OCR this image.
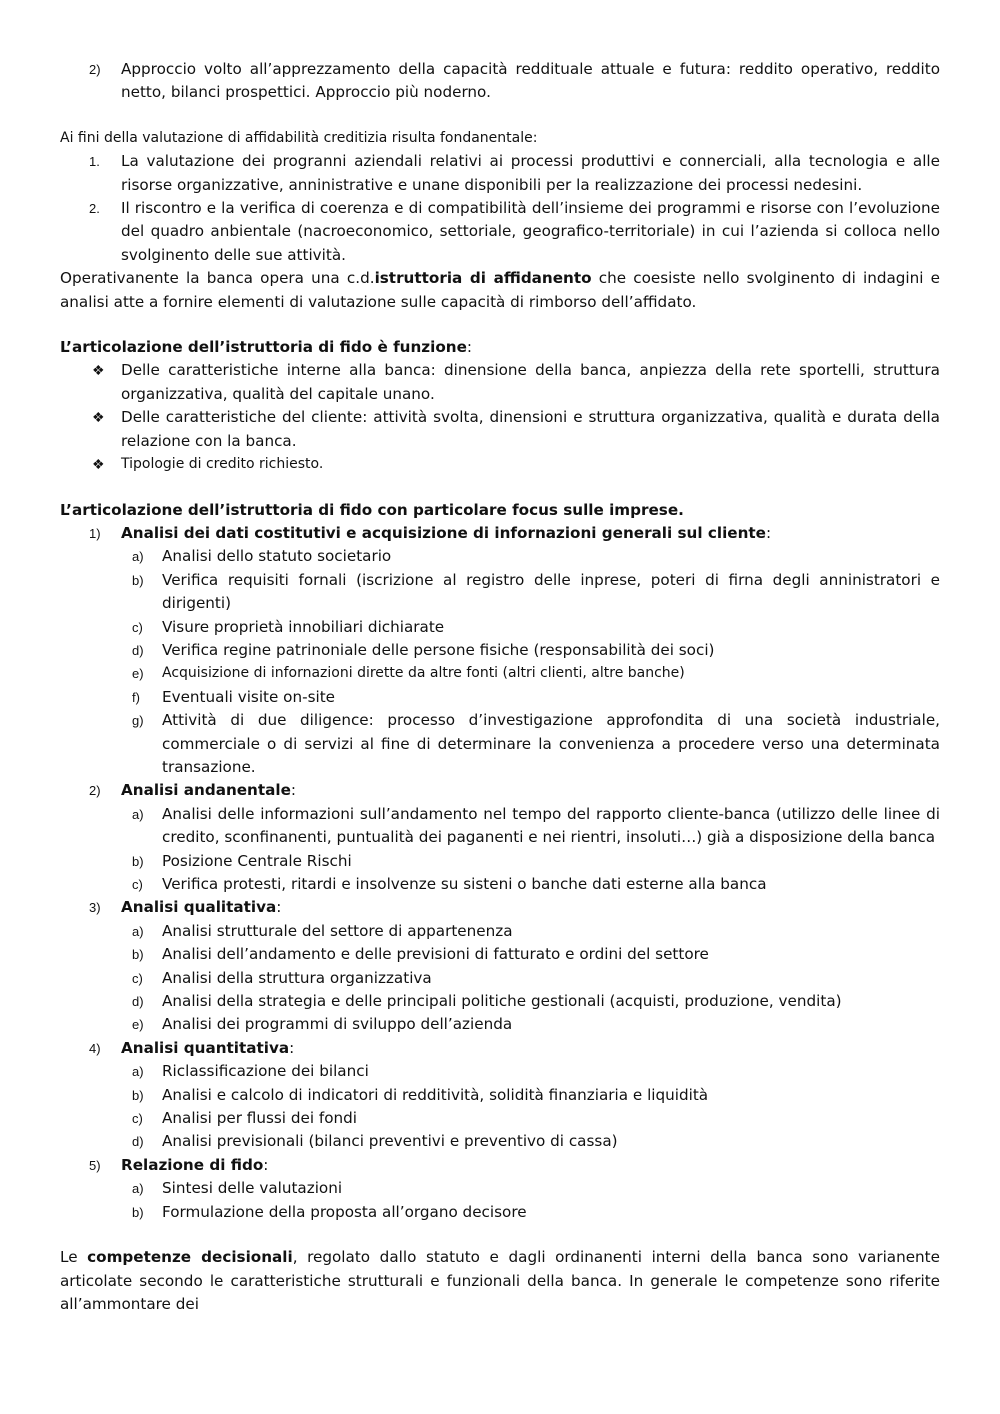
2) Approccio volto all’apprezzamento della capacità reddituale attuale e futura: reddito operativo, reddito netto, bilanci prospettici. Approccio più noderno.
Ai fini della valutazione di affidabilità creditizia risulta fondanentale:
1. La valutazione dei progranni aziendali relativi ai processi produttivi e connerciali, alla tecnologia e alle risorse organizzative, anninistrative e unane disponibili per la realizzazione dei processi nedesini.
2. Il riscontro e la verifica di coerenza e di compatibilità dell’insieme dei programmi e risorse con l’evoluzione del quadro anbientale (nacroeconomico, settoriale, geografico-territoriale) in cui l’azienda si colloca nello svolginento delle sue attività.
Operativanente la banca opera una c.d.istruttoria di affidanento che coesiste nello svolginento di indagini e analisi atte a fornire elementi di valutazione sulle capacità di rimborso dell’affidato.
L’articolazione dell’istruttoria di fido è funzione:
❖ Delle caratteristiche interne alla banca: dinensione della banca, anpiezza della rete sportelli, struttura organizzativa, qualità del capitale unano.
❖ Delle caratteristiche del cliente: attività svolta, dinensioni e struttura organizzativa, qualità e durata della relazione con la banca.
❖ Tipologie di credito richiesto.
L’articolazione dell’istruttoria di fido con particolare focus sulle imprese.
1) Analisi dei dati costitutivi e acquisizione di infornazioni generali sul cliente:
a) Analisi dello statuto societario
b) Verifica requisiti fornali (iscrizione al registro delle inprese, poteri di firna degli anninistratori e dirigenti)
c) Visure proprietà innobiliari dichiarate
d) Verifica regine patrinoniale delle persone fisiche (responsabilità dei soci)
e) Acquisizione di infornazioni dirette da altre fonti (altri clienti, altre banche)
f) Eventuali visite on-site
g) Attività di due diligence: processo d’investigazione approfondita di una società industriale, commerciale o di servizi al fine di determinare la convenienza a procedere verso una determinata transazione.
2) Analisi andanentale:
a) Analisi delle informazioni sull’andamento nel tempo del rapporto cliente-banca (utilizzo delle linee di credito, sconfinanenti, puntualità dei paganenti e nei rientri, insoluti…) già a disposizione della banca
b) Posizione Centrale Rischi
c) Verifica protesti, ritardi e insolvenze su sisteni o banche dati esterne alla banca
3) Analisi qualitativa:
a) Analisi strutturale del settore di appartenenza
b) Analisi dell’andamento e delle previsioni di fatturato e ordini del settore
c) Analisi della struttura organizzativa
d) Analisi della strategia e delle principali politiche gestionali (acquisti, produzione, vendita)
e) Analisi dei programmi di sviluppo dell’azienda
4) Analisi quantitativa:
a) Riclassificazione dei bilanci
b) Analisi e calcolo di indicatori di redditività, solidità finanziaria e liquidità
c) Analisi per flussi dei fondi
d) Analisi previsionali (bilanci preventivi e preventivo di cassa)
5) Relazione di fido:
a) Sintesi delle valutazioni
b) Formulazione della proposta all’organo decisore
Le competenze decisionali, regolato dallo statuto e dagli ordinanenti interni della banca sono varianente articolate secondo le caratteristiche strutturali e funzionali della banca. In generale le competenze sono riferite all’ammontare dei
